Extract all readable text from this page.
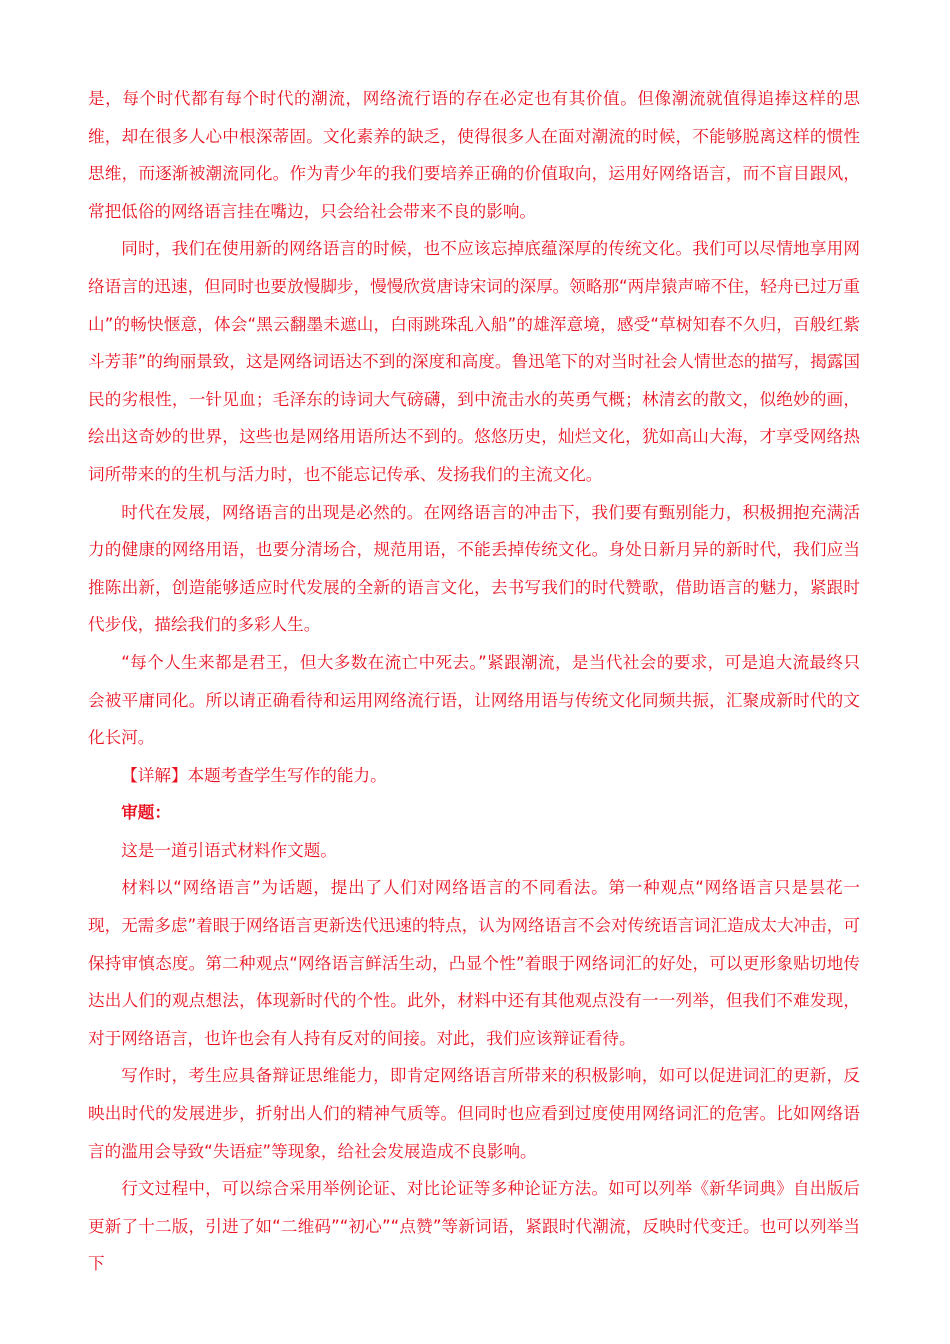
是，每个时代都有每个时代的潮流，网络流行语的存在必定也有其价值。但像潮流就值得追捧这样的思维，却在很多人心中根深蒂固。文化素养的缺乏，使得很多人在面对潮流的时候，不能够脱离这样的惯性思维，而逐渐被潮流同化。作为青少年的我们要培养正确的价值取向，运用好网络语言，而不盲目跟风，常把低俗的网络语言挂在嘴边，只会给社会带来不良的影响。

同时，我们在使用新的网络语言的时候，也不应该忘掉底蕴深厚的传统文化。我们可以尽情地享用网络语言的迅速，但同时也要放慢脚步，慢慢欣赏唐诗宋词的深厚。领略那“两岸猿声啼不住，轻舟已过万重山”的畅快惬意，体会“黑云翻墨未遮山，白雨跳珠乱入船”的雄浑意境，感受“草树知春不久归，百般红紫斗芳菲”的绚丽景致，这是网络词语达不到的深度和高度。鲁迅笔下的对当时社会人情世态的描写，揭露国民的劣根性，一针见血；毛泽东的诗词大气磅礴，到中流击水的英勇气概；林清玄的散文，似绝妙的画，绘出这奇妙的世界，这些也是网络用语所达不到的。悠悠历史，灿烂文化，犹如高山大海，才享受网络热词所带来的的生机与活力时，也不能忘记传承、发扬我们的主流文化。

时代在发展，网络语言的出现是必然的。在网络语言的冲击下，我们要有甄别能力，积极拥抱充满活力的健康的网络用语，也要分清场合，规范用语，不能丢掉传统文化。身处日新月异的新时代，我们应当推陈出新，创造能够适应时代发展的全新的语言文化，去书写我们的时代赞歌，借助语言的魅力，紧跟时代步伐，描绘我们的多彩人生。

“每个人生来都是君王，但大多数在流亡中死去。”紧跟潮流，是当代社会的要求，可是追大流最终只会被平庸同化。所以请正确看待和运用网络流行语，让网络用语与传统文化同频共振，汇聚成新时代的文化长河。

【详解】本题考查学生写作的能力。

审题：

这是一道引语式材料作文题。

材料以“网络语言”为话题，提出了人们对网络语言的不同看法。第一种观点“网络语言只是昙花一现，无需多虑”着眼于网络语言更新迭代迅速的特点，认为网络语言不会对传统语言词汇造成太大冲击，可保持审慎态度。第二种观点“网络语言鲜活生动，凸显个性”着眼于网络词汇的好处，可以更形象贴切地传达出人们的观点想法，体现新时代的个性。此外，材料中还有其他观点没有一一列举，但我们不难发现，对于网络语言，也许也会有人持有反对的间接。对此，我们应该辩证看待。

写作时，考生应具备辩证思维能力，即肯定网络语言所带来的积极影响，如可以促进词汇的更新，反映出时代的发展进步，折射出人们的精神气质等。但同时也应看到过度使用网络词汇的危害。比如网络语言的滥用会导致“失语症”等现象，给社会发展造成不良影响。

行文过程中，可以综合采用举例论证、对比论证等多种论证方法。如可以列举《新华词典》自出版后更新了十二版，引进了如“二维码”“初心”“点赞”等新词语，紧跟时代潮流，反映时代变迁。也可以列举当下
